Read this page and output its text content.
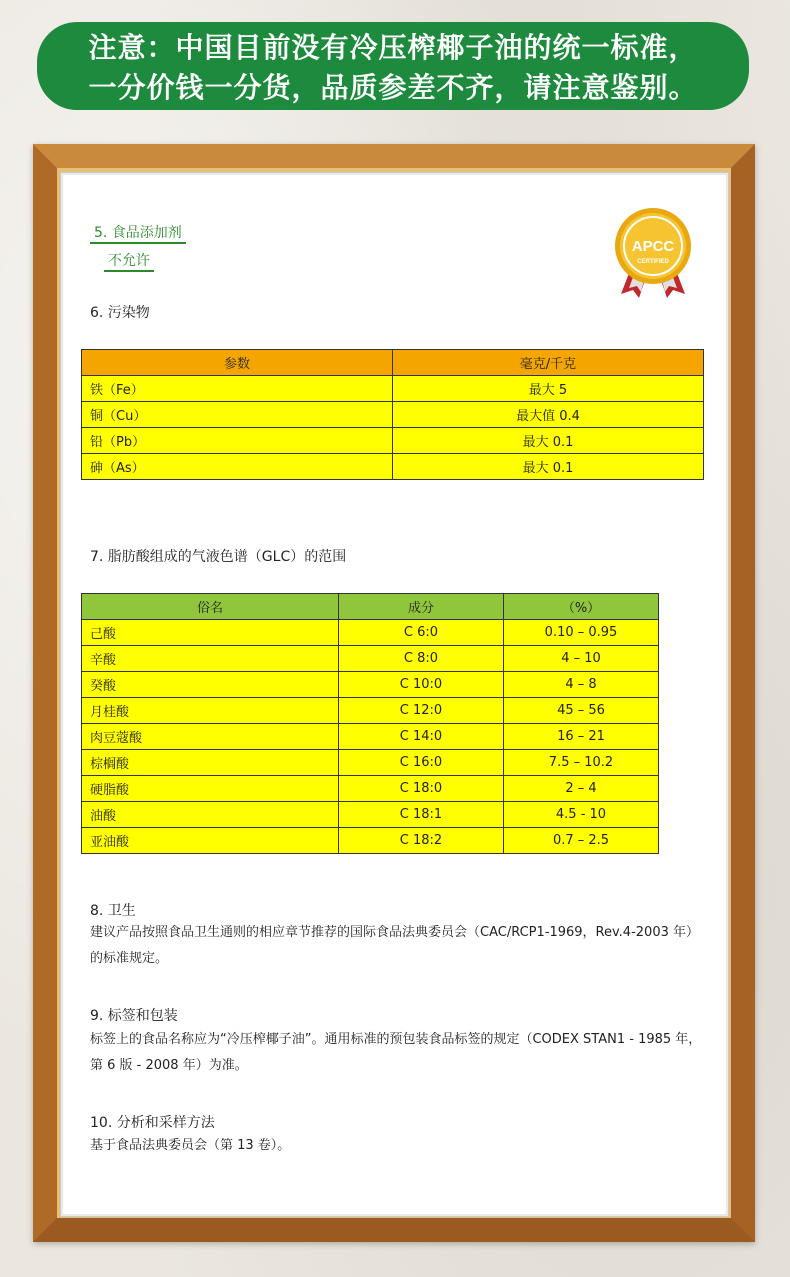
注意：中国目前没有冷压榨椰子油的统一标准，
一分价钱一分货，品质参差不齐，请注意鉴别。
APCC
CERTIFIED
5. 食品添加剂
不允许
6. 污染物
参数	毫克/千克
铁（Fe）	最大 5
铜（Cu）	最大值 0.4
铅（Pb）	最大 0.1
砷（As）	最大 0.1
7. 脂肪酸组成的气液色谱（GLC）的范围
俗名	成分	（%）
己酸	C 6:0	0.10 – 0.95
辛酸	C 8:0	4 – 10
癸酸	C 10:0	4 – 8
月桂酸	C 12:0	45 – 56
肉豆蔻酸	C 14:0	16 – 21
棕榈酸	C 16:0	7.5 – 10.2
硬脂酸	C 18:0	2 – 4
油酸	C 18:1	4.5 - 10
亚油酸	C 18:2	0.7 – 2.5
8. 卫生
建议产品按照食品卫生通则的相应章节推荐的国际食品法典委员会（CAC/RCP1-1969，Rev.4-2003 年）的标准规定。
9. 标签和包装
标签上的食品名称应为“冷压榨椰子油”。通用标准的预包装食品标签的规定（CODEX STAN1 - 1985 年，第 6 版 - 2008 年）为准。
10. 分析和采样方法
基于食品法典委员会（第 13 卷）。
